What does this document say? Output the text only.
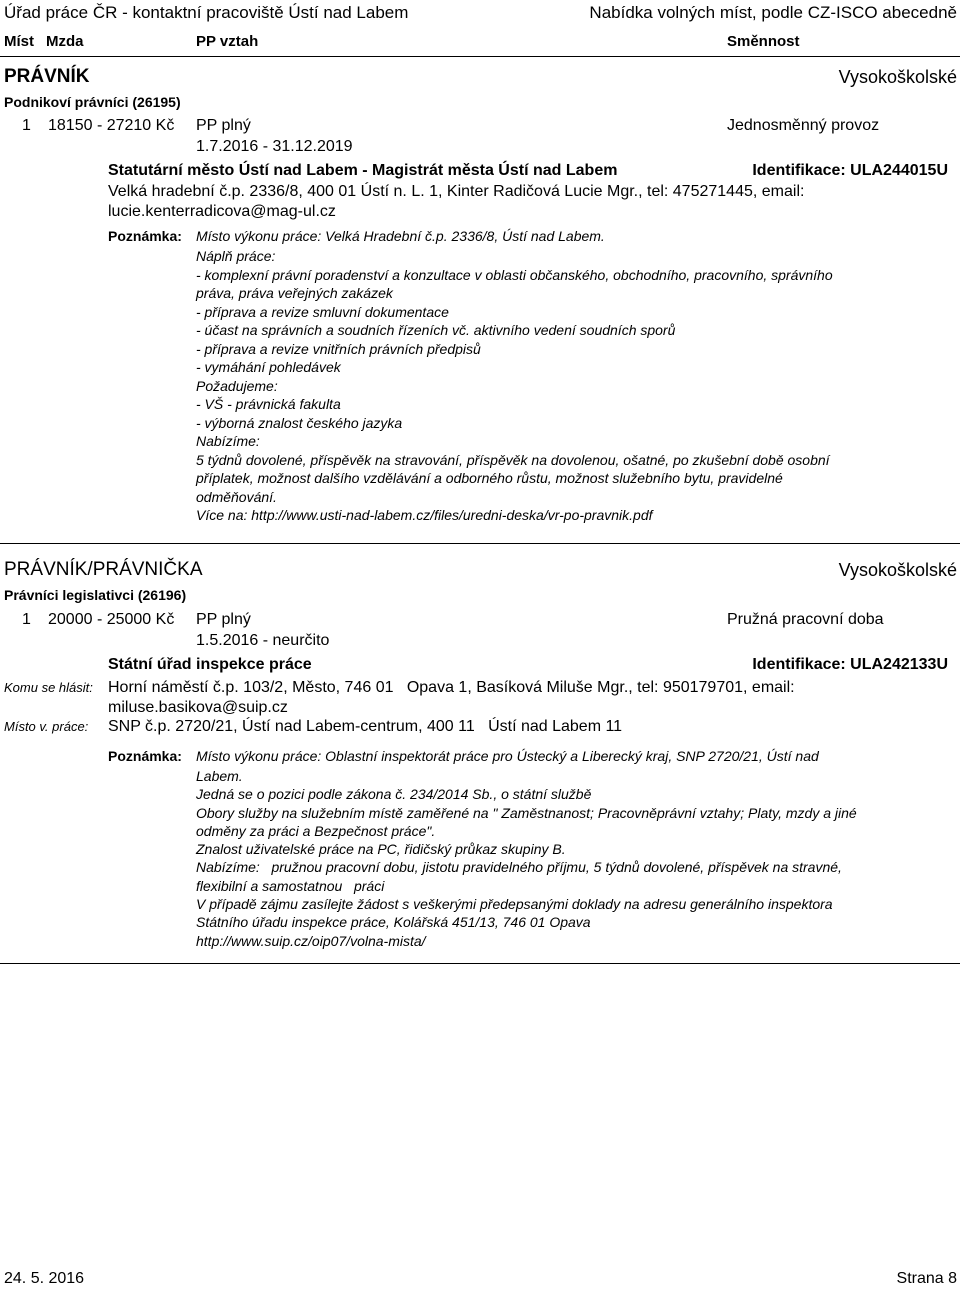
Úřad práce ČR - kontaktní pracoviště Ústí nad Labem	Nabídka volných míst, podle CZ-ISCO abecedně
Míst Mzda	PP vztah	Směnnost
PRÁVNÍK	Vysokoškolské
Podnikoví právníci (26195)
1 18150 - 27210 Kč PP plný	Jednosměnný provoz
1.7.2016 - 31.12.2019
Statutární město Ústí nad Labem - Magistrát města Ústí nad Labem	Identifikace: ULA244015U
Velká hradební č.p. 2336/8, 400 01 Ústí n. L. 1, Kinter Radičová Lucie Mgr., tel: 475271445, email:
lucie.kenterradicova@mag-ul.cz
Poznámka: Místo výkonu práce: Velká Hradební č.p. 2336/8, Ústí nad Labem.
Náplň práce:
- komplexní právní poradenství a konzultace v oblasti občanského, obchodního, pracovního, správního
práva, práva veřejných zakázek
- příprava a revize smluvní dokumentace
- účast na správních a soudních řízeních vč. aktivního vedení soudních sporů
- příprava a revize vnitřních právních předpisů
- vymáhání pohledávek
Požadujeme:
- VŠ - právnická fakulta
- výborná znalost českého jazyka
Nabízíme:
5 týdnů dovolené, příspěvěk na stravování, příspěvěk na dovolenou, ošatné, po zkušební době osobní
příplatek, možnost dalšího vzdělávání a odborného růstu, možnost služebního bytu, pravidelné
odměňování.
Více na: http://www.usti-nad-labem.cz/files/uredni-deska/vr-po-pravnik.pdf
PRÁVNÍK/PRÁVNIČKA	Vysokoškolské
Právníci legislativci (26196)
1 20000 - 25000 Kč PP plný	Pružná pracovní doba
1.5.2016 - neurčito
Státní úřad inspekce práce	Identifikace: ULA242133U
Komu se hlásit: Horní náměstí č.p. 103/2, Město, 746 01   Opava 1, Basíková Miluše Mgr., tel: 950179701, email:
miluse.basikova@suip.cz
Místo v. práce: SNP č.p. 2720/21, Ústí nad Labem-centrum, 400 11   Ústí nad Labem 11
Poznámka: Místo výkonu práce: Oblastní inspektorát práce pro Ústecký a Liberecký kraj, SNP 2720/21, Ústí nad
Labem.
Jedná se o pozici podle zákona č. 234/2014 Sb., o státní službě
Obory služby na služebním místě zaměřené na " Zaměstnanost; Pracovněprávní vztahy; Platy, mzdy a jiné
odměny za práci a Bezpečnost práce".
Znalost uživatelské práce na PC, řidičský průkaz skupiny B.
Nabízíme:   pružnou pracovní dobu, jistotu pravidelného příjmu, 5 týdnů dovolené, příspěvek na stravné,
flexibilní a samostatnou   práci
V případě zájmu zasílejte žádost s veškerými předepsanými doklady na adresu generálního inspektora
Státního úřadu inspekce práce, Kolářská 451/13, 746 01 Opava
http://www.suip.cz/oip07/volna-mista/
24. 5. 2016	Strana 8
